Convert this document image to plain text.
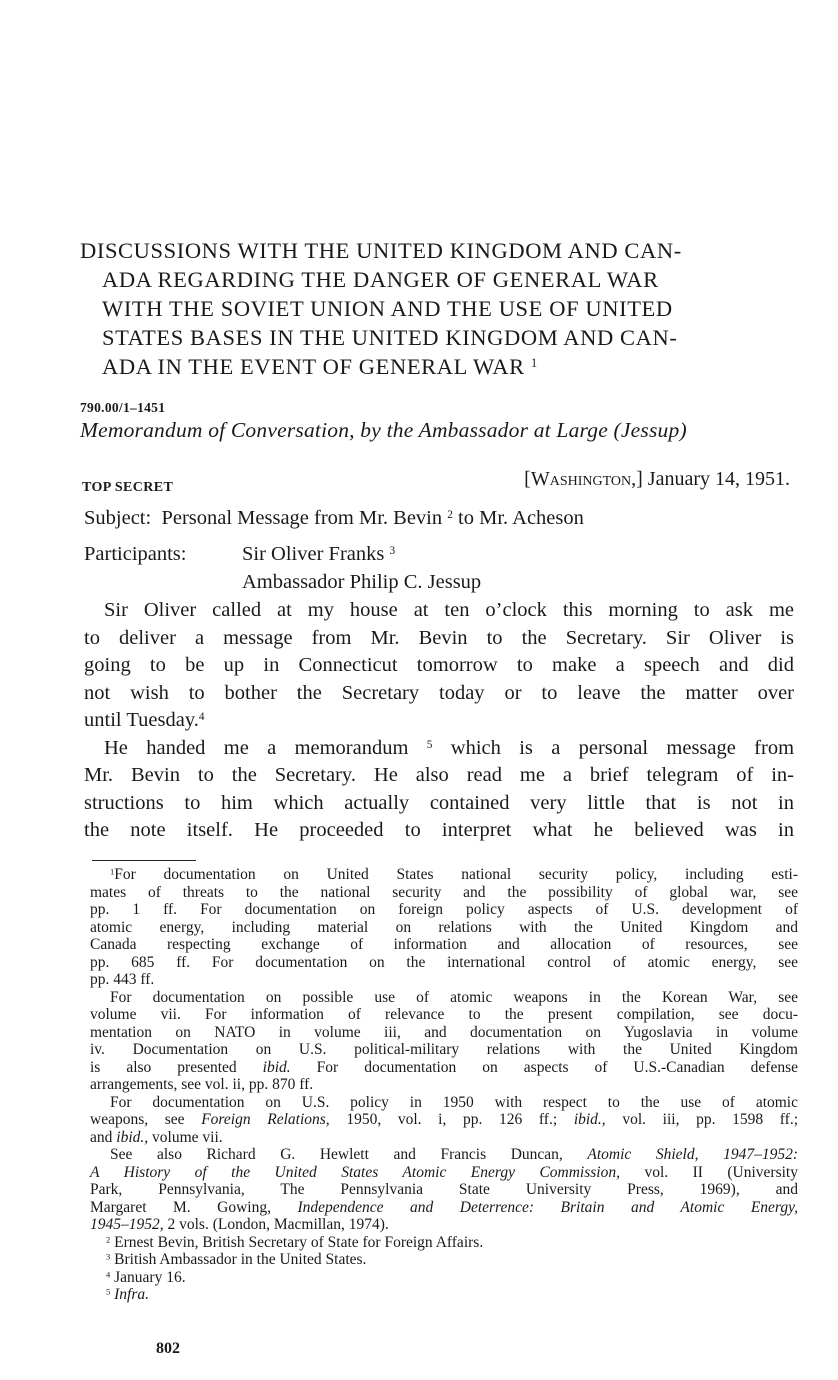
DISCUSSIONS WITH THE UNITED KINGDOM AND CAN-
ADA REGARDING THE DANGER OF GENERAL WAR
WITH THE SOVIET UNION AND THE USE OF UNITED
STATES BASES IN THE UNITED KINGDOM AND CAN-
ADA IN THE EVENT OF GENERAL WAR $^1$
790.00/1–1451
Memorandum of Conversation, by the Ambassador at Large (Jessup)
TOP SECRET	[Washington,] January 14, 1951.
Subject: Personal Message from Mr. Bevin $^2$ to Mr. Acheson
Participants:	Sir Oliver Franks $^3$
Ambassador Philip C. Jessup
Sir Oliver called at my house at ten o’clock this morning to ask me
to deliver a message from Mr. Bevin to the Secretary. Sir Oliver is
going to be up in Connecticut tomorrow to make a speech and did
not wish to bother the Secretary today or to leave the matter over
until Tuesday.$^4$
He handed me a memorandum $^5$ which is a personal message from
Mr. Bevin to the Secretary. He also read me a brief telegram of in-
structions to him which actually contained very little that is not in
the note itself. He proceeded to interpret what he believed was in
$^1$For documentation on United States national security policy, including esti-
mates of threats to the national security and the possibility of global war, see
pp. 1 ff. For documentation on foreign policy aspects of U.S. development of
atomic energy, including material on relations with the United Kingdom and
Canada respecting exchange of information and allocation of resources, see
pp. 685 ff. For documentation on the international control of atomic energy, see
pp. 443 ff.
For documentation on possible use of atomic weapons in the Korean War, see
volume vii. For information of relevance to the present compilation, see docu-
mentation on NATO in volume iii, and documentation on Yugoslavia in volume
iv. Documentation on U.S. political-military relations with the United Kingdom
is also presented ibid. For documentation on aspects of U.S.-Canadian defense
arrangements, see vol. ii, pp. 870 ff.
For documentation on U.S. policy in 1950 with respect to the use of atomic
weapons, see Foreign Relations, 1950, vol. i, pp. 126 ff.; ibid., vol. iii, pp. 1598 ff.;
and ibid., volume vii.
See also Richard G. Hewlett and Francis Duncan, Atomic Shield, 1947–1952:
A History of the United States Atomic Energy Commission, vol. II (University
Park, Pennsylvania, The Pennsylvania State University Press, 1969), and
Margaret M. Gowing, Independence and Deterrence: Britain and Atomic Energy,
1945–1952, 2 vols. (London, Macmillan, 1974).
$^2$ Ernest Bevin, British Secretary of State for Foreign Affairs.
$^3$ British Ambassador in the United States.
$^4$ January 16.
$^5$ Infra.
802
